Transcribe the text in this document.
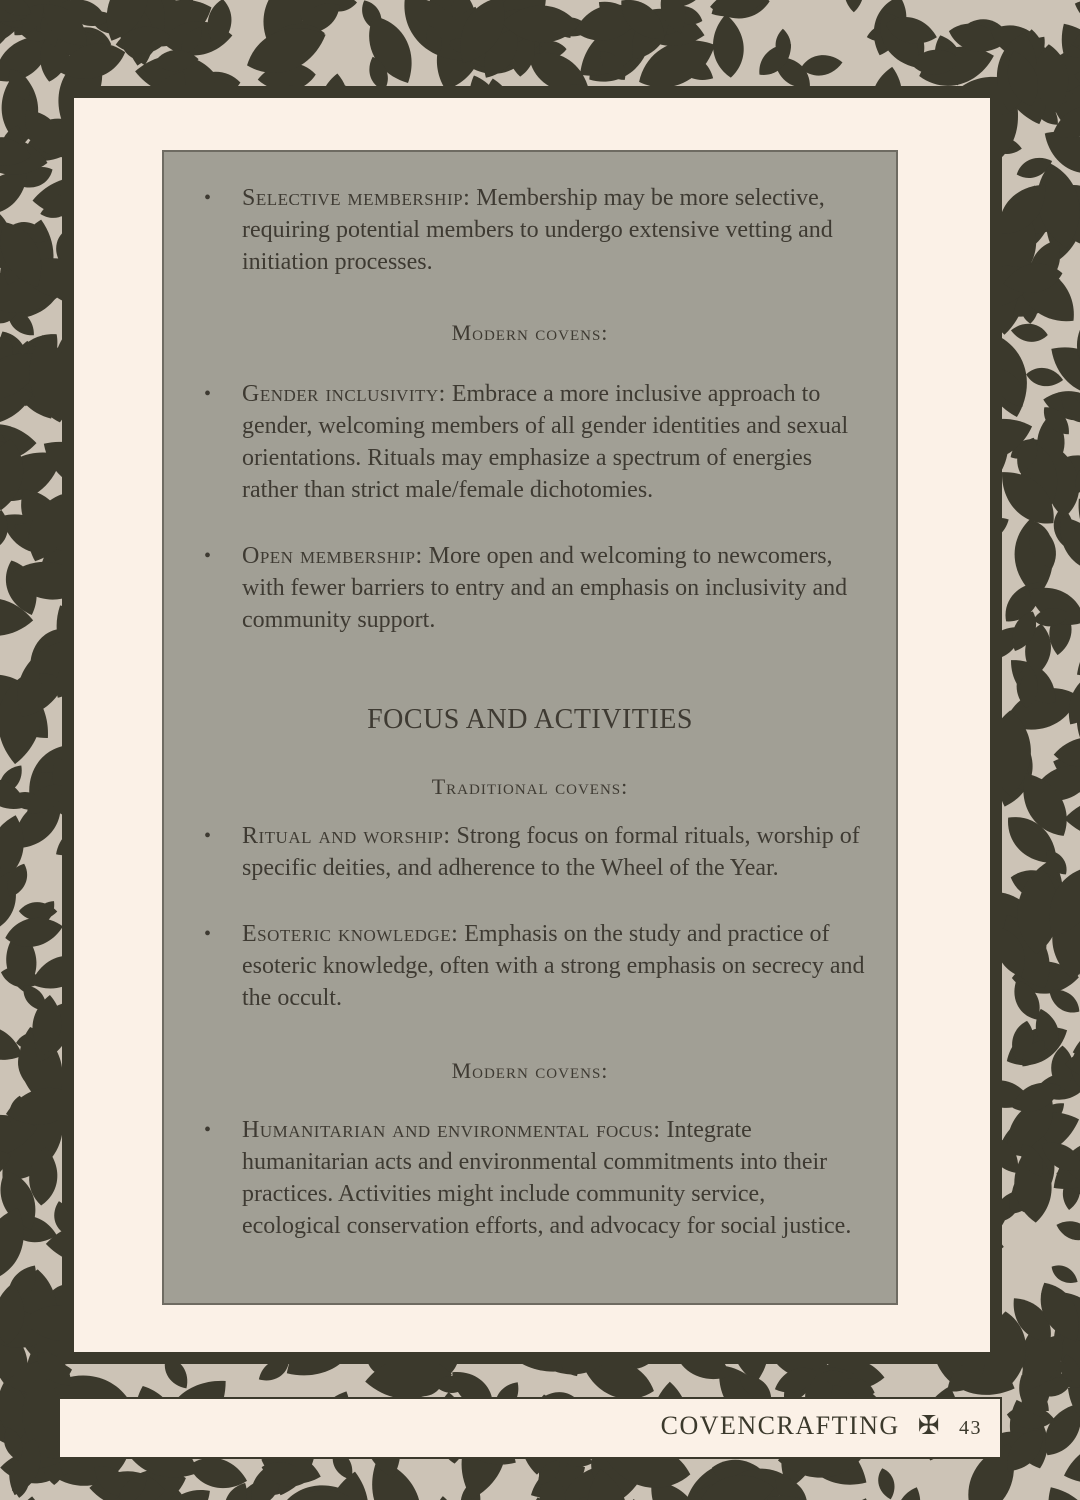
• Selective membership: Membership may be more selective, requiring potential members to undergo extensive vetting and initiation processes.
Modern covens:
• Gender inclusivity: Embrace a more inclusive approach to gender, welcoming members of all gender identities and sexual orientations. Rituals may emphasize a spectrum of energies rather than strict male/female dichotomies.
• Open membership: More open and welcoming to newcomers, with fewer barriers to entry and an emphasis on inclusivity and community support.
FOCUS AND ACTIVITIES
Traditional covens:
• Ritual and worship: Strong focus on formal rituals, worship of specific deities, and adherence to the Wheel of the Year.
• Esoteric knowledge: Emphasis on the study and practice of esoteric knowledge, often with a strong emphasis on secrecy and the occult.
Modern covens:
• Humanitarian and environmental focus: Integrate humanitarian acts and environmental commitments into their practices. Activities might include community service, ecological conservation efforts, and advocacy for social justice.
COVENCRAFTING ✠ 43
